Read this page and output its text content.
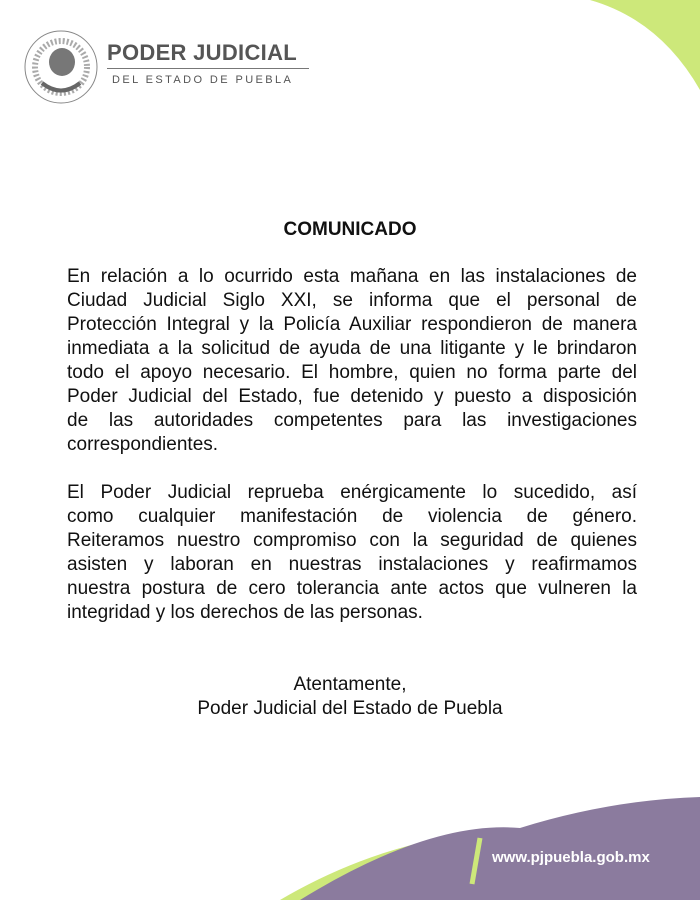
PODER JUDICIAL
DEL ESTADO DE PUEBLA
COMUNICADO
En relación a lo ocurrido esta mañana en las instalaciones de
Ciudad Judicial Siglo XXI, se informa que el personal de
Protección Integral y la Policía Auxiliar respondieron de manera
inmediata a la solicitud de ayuda de una litigante y le brindaron
todo el apoyo necesario. El hombre, quien no forma parte del
Poder Judicial del Estado, fue detenido y puesto a disposición
de las autoridades competentes para las investigaciones
correspondientes.
El Poder Judicial reprueba enérgicamente lo sucedido, así
como cualquier manifestación de violencia de género.
Reiteramos nuestro compromiso con la seguridad de quienes
asisten y laboran en nuestras instalaciones y reafirmamos
nuestra postura de cero tolerancia ante actos que vulneren la
integridad y los derechos de las personas.
Atentamente,
Poder Judicial del Estado de Puebla
www.pjpuebla.gob.mx
